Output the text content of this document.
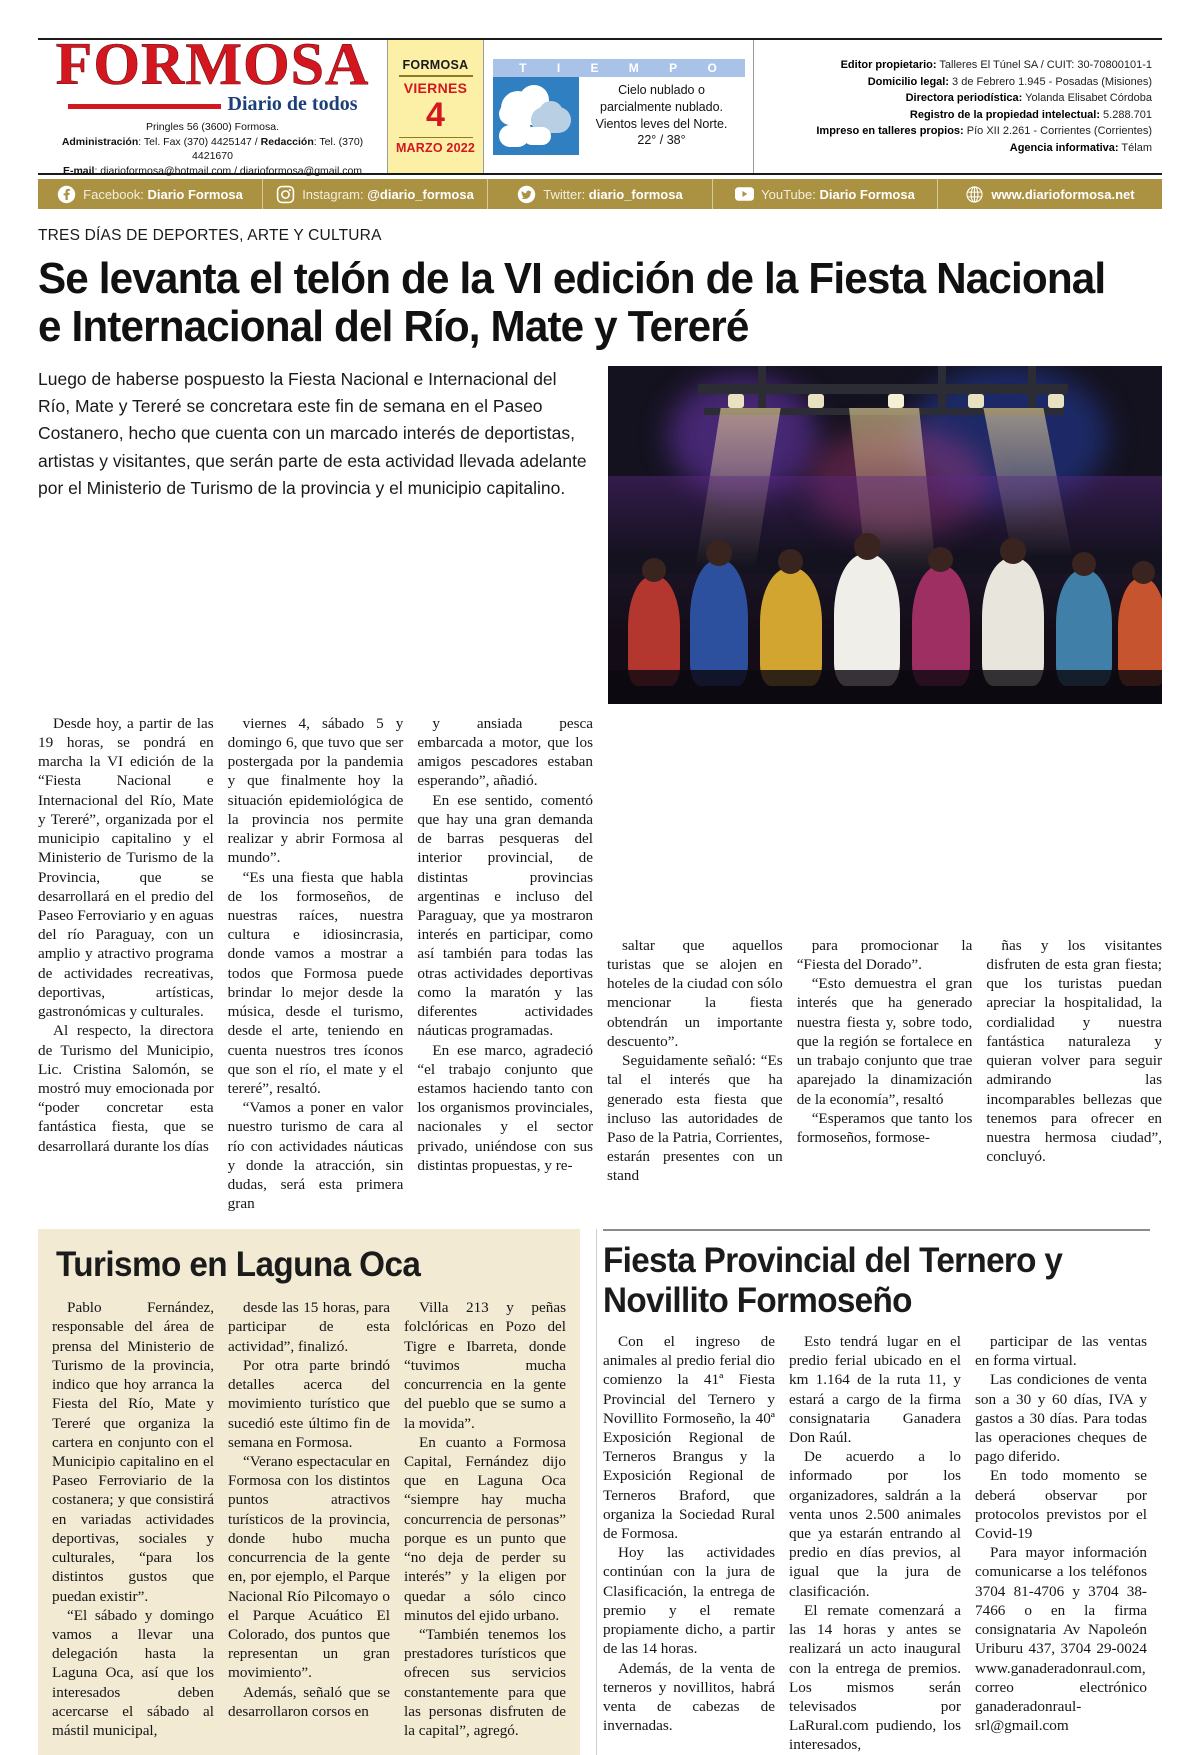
FORMOSA
Diario de todos
Pringles 56 (3600) Formosa.
Administración: Tel. Fax (370) 4425147 / Redacción: Tel. (370) 4421670
E-mail: diarioformosa@hotmail.com / diarioformosa@gmail.com
FORMOSA
VIERNES
4
MARZO 2022
T I E M P O
Cielo nublado o
parcialmente nublado.
Vientos leves del Norte.
22° / 38°
Editor propietario: Talleres El Túnel SA / CUIT: 30-70800101-1
Domicilio legal: 3 de Febrero 1.945 - Posadas (Misiones)
Directora periodística: Yolanda Elisabet Córdoba
Registro de la propiedad intelectual: 5.288.701
Impreso en talleres propios: Pío XII 2.261 - Corrientes (Corrientes)
Agencia informativa: Télam
Facebook: Diario Formosa	Instagram: @diario_formosa	Twitter: diario_formosa	YouTube: Diario Formosa	www.diarioformosa.net
TRES DÍAS DE DEPORTES, ARTE Y CULTURA
Se levanta el telón de la VI edición de la Fiesta Nacional e Internacional del Río, Mate y Tereré
Luego de haberse pospuesto la Fiesta Nacional e Internacional del Río, Mate y Tereré se concretara este fin de semana en el Paseo Costanero, hecho que cuenta con un marcado interés de deportistas, artistas y visitantes, que serán parte de esta actividad llevada adelante por el Ministerio de Turismo de la provincia y el municipio capitalino.

Desde hoy, a partir de las 19 horas, se pondrá en marcha la VI edición de la “Fiesta Nacional e Internacional del Río, Mate y Tereré”, organizada por el municipio capitalino y el Ministerio de Turismo de la Provincia, que se desarrollará en el predio del Paseo Ferroviario y en aguas del río Paraguay, con un amplio y atractivo programa de actividades recreativas, deportivas, artísticas, gastronómicas y culturales.

Al respecto, la directora de Turismo del Municipio, Lic. Cristina Salomón, se mostró muy emocionada por “poder concretar esta fantástica fiesta, que se desarrollará durante los días

viernes 4, sábado 5 y domingo 6, que tuvo que ser postergada por la pandemia y que finalmente hoy la situación epidemiológica de la provincia nos permite realizar y abrir Formosa al mundo”.

“Es una fiesta que habla de los formoseños, de nuestras raíces, nuestra cultura e idiosincrasia, donde vamos a mostrar a todos que Formosa puede brindar lo mejor desde la música, desde el turismo, desde el arte, teniendo en cuenta nuestros tres íconos que son el río, el mate y el tereré”, resaltó.

“Vamos a poner en valor nuestro turismo de cara al río con actividades náuticas y donde la atracción, sin dudas, será esta primera gran

y ansiada pesca embarcada a motor, que los amigos pescadores estaban esperando”, añadió.

En ese sentido, comentó que hay una gran demanda de barras pesqueras del interior provincial, de distintas provincias argentinas e incluso del Paraguay, que ya mostraron interés en participar, como así también para todas las otras actividades deportivas como la maratón y las diferentes actividades náuticas programadas.

En ese marco, agradeció “el trabajo conjunto que estamos haciendo tanto con los organismos provinciales, nacionales y el sector privado, uniéndose con sus distintas propuestas, y re-

saltar que aquellos turistas que se alojen en hoteles de la ciudad con sólo mencionar la fiesta obtendrán un importante descuento”.

Seguidamente señaló: “Es tal el interés que ha generado esta fiesta que incluso las autoridades de Paso de la Patria, Corrientes, estarán presentes con un stand

para promocionar la “Fiesta del Dorado”.

“Esto demuestra el gran interés que ha generado nuestra fiesta y, sobre todo, que la región se fortalece en un trabajo conjunto que trae aparejado la dinamización de la economía”, resaltó

“Esperamos que tanto los formoseños, formose-

ñas y los visitantes disfruten de esta gran fiesta; que los turistas puedan apreciar la hospitalidad, la cordialidad y nuestra fantástica naturaleza y quieran volver para seguir admirando las incomparables bellezas que tenemos para ofrecer en nuestra hermosa ciudad”, concluyó.

Turismo en Laguna Oca

Pablo Fernández, responsable del área de prensa del Ministerio de Turismo de la provincia, indico que hoy arranca la Fiesta del Río, Mate y Tereré que organiza la cartera en conjunto con el Municipio capitalino en el Paseo Ferroviario de la costanera; y que consistirá en variadas actividades deportivas, sociales y culturales, “para los distintos gustos que puedan existir”.

“El sábado y domingo vamos a llevar una delegación hasta la Laguna Oca, así que los interesados deben acercarse el sábado al mástil municipal,

desde las 15 horas, para participar de esta actividad”, finalizó.

Por otra parte brindó detalles acerca del movimiento turístico que sucedió este último fin de semana en Formosa.

“Verano espectacular en Formosa con los distintos puntos atractivos turísticos de la provincia, donde hubo mucha concurrencia de la gente en, por ejemplo, el Parque Nacional Río Pilcomayo o el Parque Acuático El Colorado, dos puntos que representan un gran movimiento”.

Además, señaló que se desarrollaron corsos en

Villa 213 y peñas folclóricas en Pozo del Tigre e Ibarreta, donde “tuvimos mucha concurrencia en la gente del pueblo que se sumo a la movida”.

En cuanto a Formosa Capital, Fernández dijo que en Laguna Oca “siempre hay mucha concurrencia de personas” porque es un punto que “no deja de perder su interés” y la eligen por quedar a sólo cinco minutos del ejido urbano.

“También tenemos los prestadores turísticos que ofrecen sus servicios constantemente para que las personas disfruten de la capital”, agregó.

Fiesta Provincial del Ternero y Novillito Formoseño

Con el ingreso de animales al predio ferial dio comienzo la 41ª Fiesta Provincial del Ternero y Novillito Formoseño, la 40ª Exposición Regional de Terneros Brangus y la Exposición Regional de Terneros Braford, que organiza la Sociedad Rural de Formosa.

Hoy las actividades continúan con la jura de Clasificación, la entrega de premio y el remate propiamente dicho, a partir de las 14 horas.

Además, de la venta de terneros y novillitos, habrá venta de cabezas de invernadas.

Esto tendrá lugar en el predio ferial ubicado en el km 1.164 de la ruta 11, y estará a cargo de la firma consignataria Ganadera Don Raúl.

De acuerdo a lo informado por los organizadores, saldrán a la venta unos 2.500 animales que ya estarán entrando al predio en días previos, al igual que la jura de clasificación.

El remate comenzará a las 14 horas y antes se realizará un acto inaugural con la entrega de premios. Los mismos serán televisados por LaRural.com pudiendo, los interesados,

participar de las ventas en forma virtual.

Las condiciones de venta son a 30 y 60 días, IVA y gastos a 30 días. Para todas las operaciones cheques de pago diferido.

En todo momento se deberá observar por protocolos previstos por el Covid-19

Para mayor información comunicarse a los teléfonos 3704 81-4706 y 3704 38-7466 o en la firma consignataria Av Napoleón Uriburu 437, 3704 29-0024 www.ganaderadonraul.com, correo electrónico ganaderadonraul-srl@gmail.com
